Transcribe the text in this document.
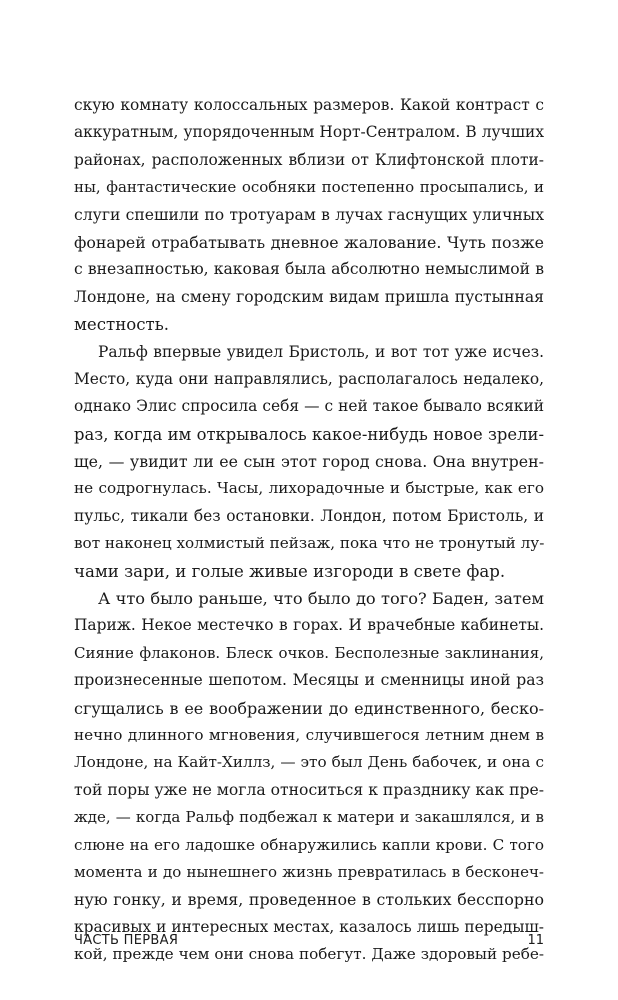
скую комнату колоссальных размеров. Какой контраст с
аккуратным, упорядоченным Норт-Сентралом. В лучших
районах, расположенных вблизи от Клифтонской плоти-
ны, фантастические особняки постепенно просыпались, и
слуги спешили по тротуарам в лучах гаснущих уличных
фонарей отрабатывать дневное жалование. Чуть позже
с внезапностью, каковая была абсолютно немыслимой в
Лондоне, на смену городским видам пришла пустынная
местность.
Ральф впервые увидел Бристоль, и вот тот уже исчез.
Место, куда они направлялись, располагалось недалеко,
однако Элис спросила себя — с ней такое бывало всякий
раз, когда им открывалось какое-нибудь новое зрели-
ще, — увидит ли ее сын этот город снова. Она внутрен-
не содрогнулась. Часы, лихорадочные и быстрые, как его
пульс, тикали без остановки. Лондон, потом Бристоль, и
вот наконец холмистый пейзаж, пока что не тронутый лу-
чами зари, и голые живые изгороди в свете фар.
А что было раньше, что было до того? Баден, затем
Париж. Некое местечко в горах. И врачебные кабинеты.
Сияние флаконов. Блеск очков. Бесполезные заклинания,
произнесенные шепотом. Месяцы и сменницы иной раз
сгущались в ее воображении до единственного, беско-
нечно длинного мгновения, случившегося летним днем в
Лондоне, на Кайт-Хиллз, — это был День бабочек, и она с
той поры уже не могла относиться к празднику как пре-
жде, — когда Ральф подбежал к матери и закашлялся, и в
слюне на его ладошке обнаружились капли крови. С того
момента и до нынешнего жизнь превратилась в бесконеч-
ную гонку, и время, проведенное в стольких бесспорно
красивых и интересных местах, казалось лишь передыш-
кой, прежде чем они снова побегут. Даже здоровый ребе-
ЧАСТЬ ПЕРВАЯ	11
